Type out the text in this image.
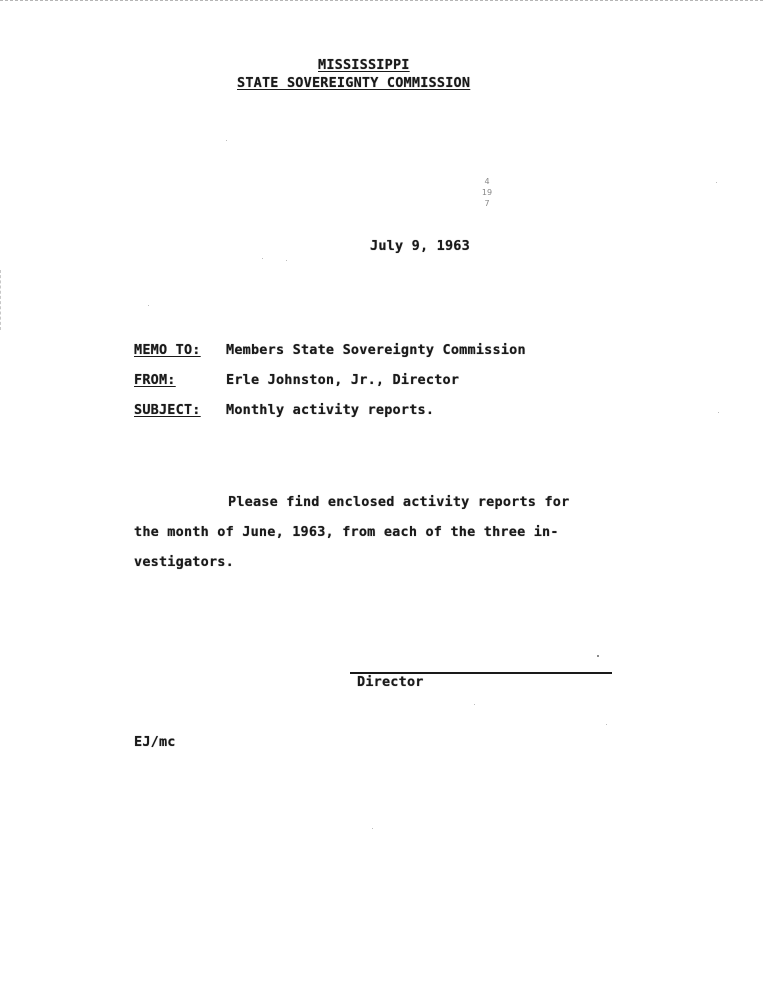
MISSISSIPPI
STATE SOVEREIGNTY COMMISSION
4
19
7
July 9, 1963
MEMO TO: Members State Sovereignty Commission
FROM:	Erle Johnston, Jr., Director
SUBJECT: Monthly activity reports.
Please find enclosed activity reports for
the month of June, 1963, from each of the three in-
vestigators.
Director
EJ/mc
